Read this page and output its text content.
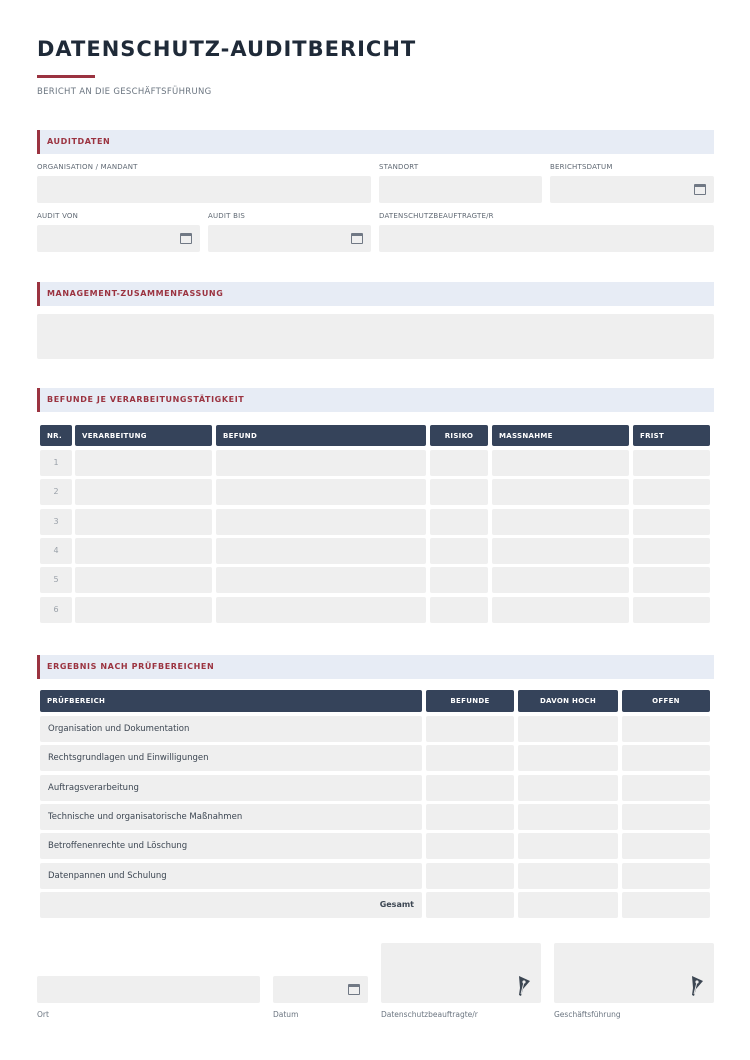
DATENSCHUTZ-AUDITBERICHT
BERICHT AN DIE GESCHÄFTSFÜHRUNG
AUDITDATEN
ORGANISATION / MANDANT	STANDORT	BERICHTSDATUM
AUDIT VON	AUDIT BIS	DATENSCHUTZBEAUFTRAGTE/R
MANAGEMENT-ZUSAMMENFASSUNG
BEFUNDE JE VERARBEITUNGSTÄTIGKEIT
NR.	VERARBEITUNG	BEFUND	RISIKO	MASSNAHME	FRIST
1
2
3
4
5
6
ERGEBNIS NACH PRÜFBEREICHEN
PRÜFBEREICH	BEFUNDE	DAVON HOCH	OFFEN
Organisation und Dokumentation
Rechtsgrundlagen und Einwilligungen
Auftragsverarbeitung
Technische und organisatorische Maßnahmen
Betroffenenrechte und Löschung
Datenpannen und Schulung
Gesamt
Ort	Datum	Datenschutzbeauftragte/r	Geschäftsführung
